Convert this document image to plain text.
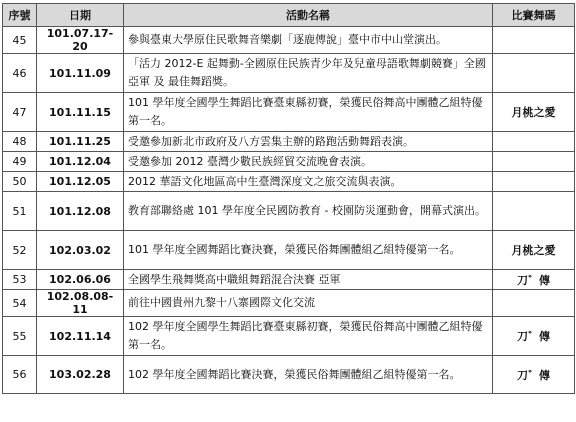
序號	日期	活動名稱	比賽舞碼
45	101.07.17-20	參與臺東大學原住民歌舞音樂劇「逐鹿傳說」臺中市中山堂演出。	
46	101.11.09	「活力 2012-E 起舞動-全國原住民族青少年及兒童母語歌舞劇競賽」全國 亞軍 及 最佳舞蹈獎。	
47	101.11.15	101 學年度全國學生舞蹈比賽臺東縣初賽，榮獲民俗舞高中團體乙組特優第一名。	月桃之愛
48	101.11.25	受邀參加新北市政府及八方雲集主辦的路跑活動舞蹈表演。	
49	101.12.04	受邀參加 2012 臺灣少數民族經貿交流晚會表演。	
50	101.12.05	2012 華語文化地區高中生臺灣深度文之旅交流與表演。	
51	101.12.08	教育部聯絡處 101 學年度全民國防教育 - 校園防災運動會，開幕式演出。	
52	102.03.02	101 學年度全國舞蹈比賽決賽，榮獲民俗舞團體組乙組特優第一名。	月桃之愛
53	102.06.06	全國學生飛舞獎高中職組舞蹈混合決賽 亞軍	刀゛傳
54	102.08.08-11	前往中國貴州九黎十八寨國際文化交流	
55	102.11.14	102 學年度全國學生舞蹈比賽臺東縣初賽，榮獲民俗舞高中團體乙組特優第一名。	刀゛傳
56	103.02.28	102 學年度全國舞蹈比賽決賽，榮獲民俗舞團體組乙組特優第一名。	刀゛傳
